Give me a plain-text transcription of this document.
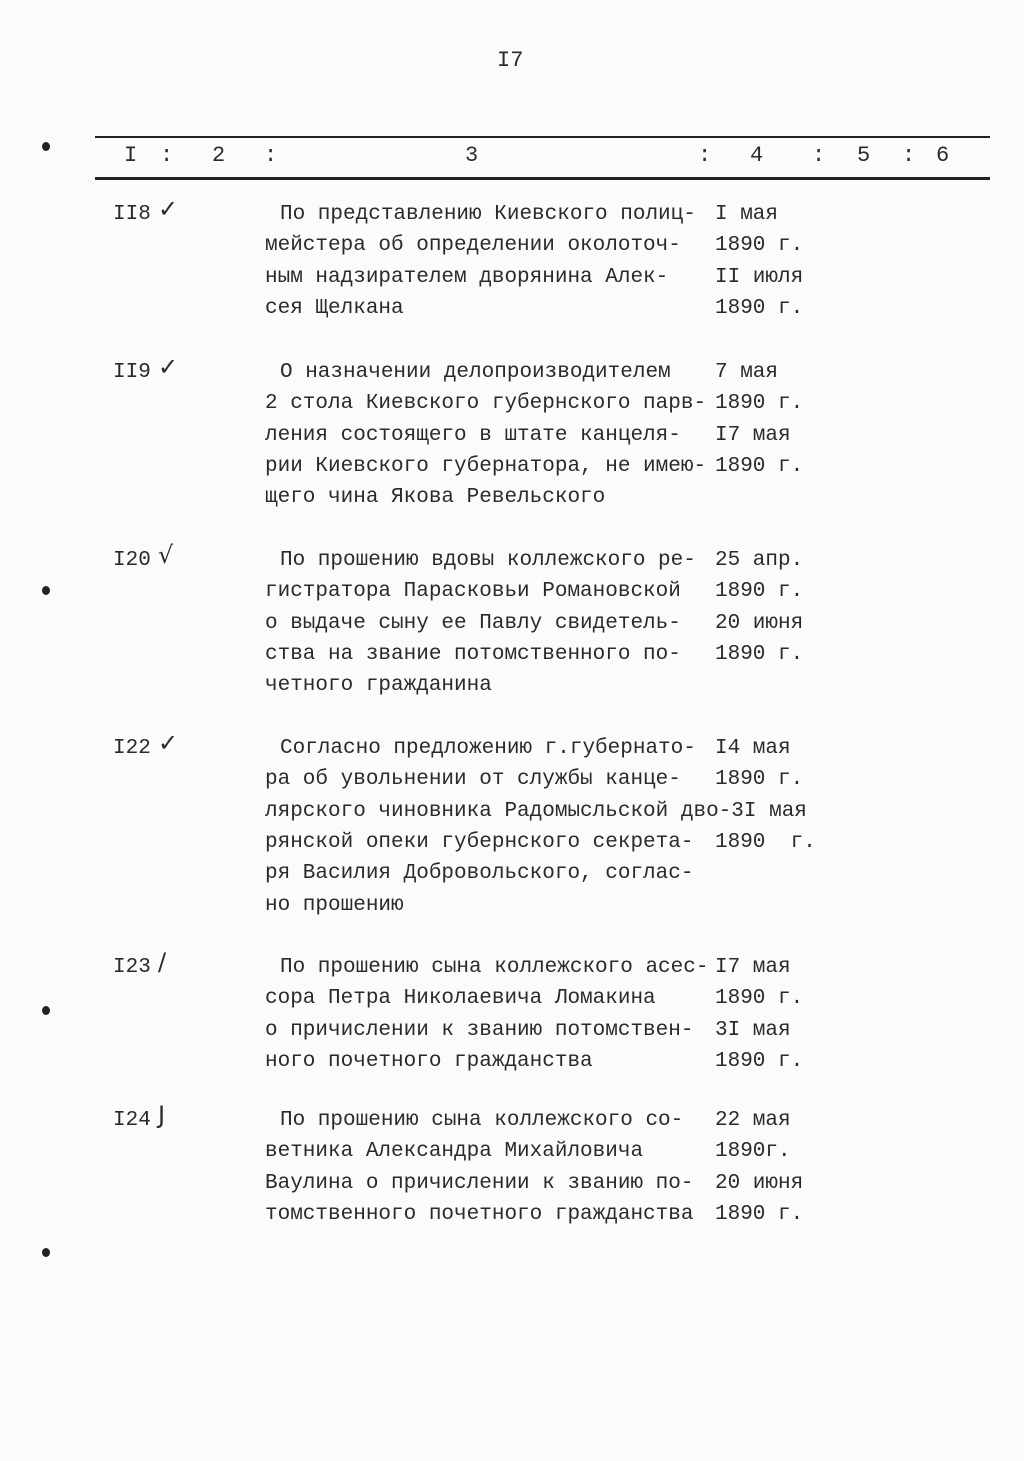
I7
I : 2 :	3	: 4 : 5 : 6
II8 ✓	По представлению Киевского полиц- I мая
мейстера об определении околоточ-	1890 г.
ным надзирателем дворянина Алек-	II июля
сея Щелкана	1890 г.
II9 ✓	О назначении делопроизводителем	7 мая
2 стола Киевского губернского парв- 1890 г.
ления состоящего в штате канцеля-	I7 мая
рии Киевского губернатора, не имею- 1890 г.
щего чина Якова Ревельского
I20 √	По прошению вдовы коллежского ре- 25 апр.
гистратора Парасковьи Романовской	1890 г.
о выдаче сыну ее Павлу свидетель-	20 июня
ства на звание потомственного по-	1890 г.
четного гражданина
I22 ✓	Согласно предложению г.губернато- I4 мая
ра об увольнении от службы канце-	1890 г.
лярского чиновника Радомысльской дво- 3I мая
рянской опеки губернского секрета-	1890  г.
ря Василия Добровольского, соглас-
но прошению
I23 /	По прошению сына коллежского асес- I7 мая
сора Петра Николаевича Ломакина	1890 г.
о причислении к званию потомствен-	3I мая
ного почетного гражданства	1890 г.
I24 J	По прошению сына коллежского со-	22 мая
ветника Александра Михайловича	1890г.
Ваулина о причислении к званию по-	20 июня
томственного почетного гражданства	1890 г.
